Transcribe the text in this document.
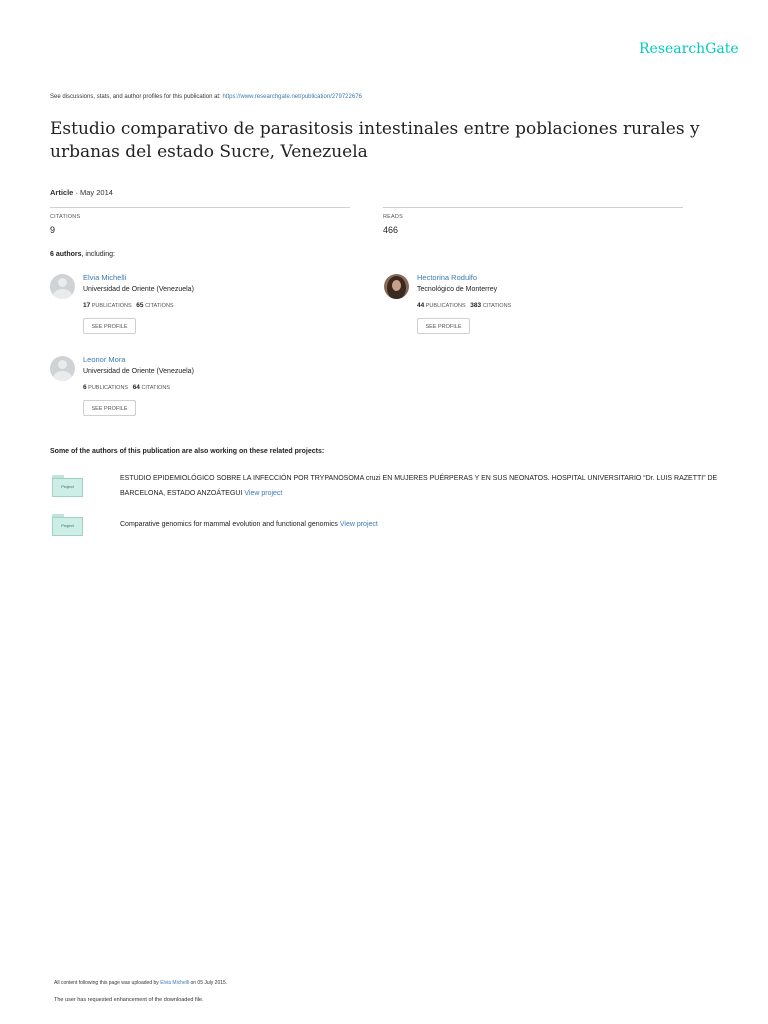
ResearchGate
See discussions, stats, and author profiles for this publication at: https://www.researchgate.net/publication/279722676
Estudio comparativo de parasitosis intestinales entre poblaciones rurales y urbanas del estado Sucre, Venezuela
Article · May 2014
CITATIONS
9
READS
466
6 authors, including:
Elvia Michelli
Universidad de Oriente (Venezuela)
17 PUBLICATIONS 65 CITATIONS
SEE PROFILE
Hectorina Rodulfo
Tecnológico de Monterrey
44 PUBLICATIONS 383 CITATIONS
SEE PROFILE
Leonor Mora
Universidad de Oriente (Venezuela)
6 PUBLICATIONS 64 CITATIONS
SEE PROFILE
Some of the authors of this publication are also working on these related projects:
Project
ESTUDIO EPIDEMIOLÓGICO SOBRE LA INFECCIÓN POR TRYPANOSOMA cruzi EN MUJERES PUÉRPERAS Y EN SUS NEONATOS. HOSPITAL UNIVERSITARIO “Dr. LUIS RAZETTI” DE BARCELONA, ESTADO ANZOÁTEGUI View project
Project	Comparative genomics for mammal evolution and functional genomics View project
All content following this page was uploaded by Elvia Michelli on 05 July 2015.
The user has requested enhancement of the downloaded file.
